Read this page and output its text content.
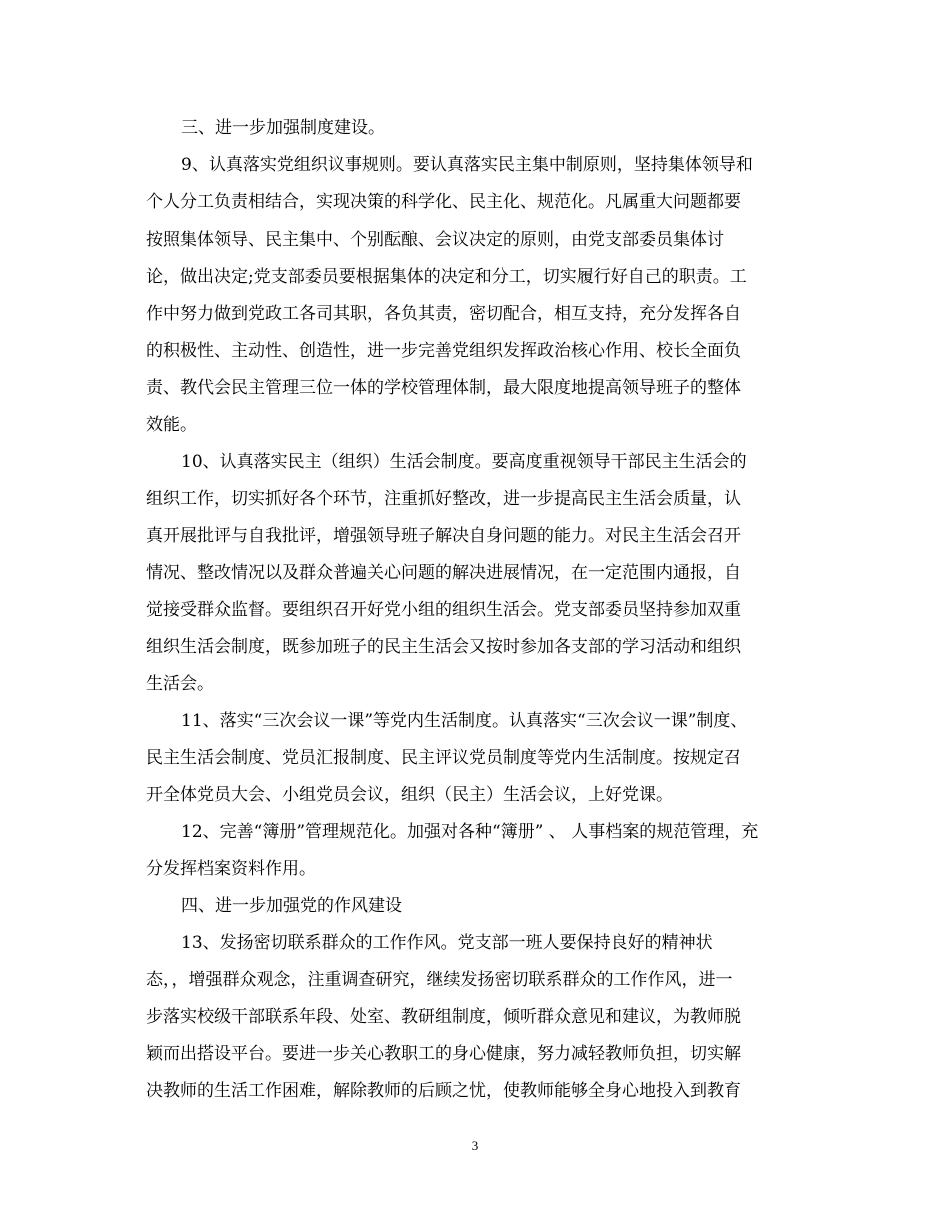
三、进一步加强制度建设。
9、认真落实党组织议事规则。要认真落实民主集中制原则，坚持集体领导和
个人分工负责相结合，实现决策的科学化、民主化、规范化。凡属重大问题都要
按照集体领导、民主集中、个别酝酿、会议决定的原则，由党支部委员集体讨
论，做出决定;党支部委员要根据集体的决定和分工，切实履行好自己的职责。工
作中努力做到党政工各司其职，各负其责，密切配合，相互支持，充分发挥各自
的积极性、主动性、创造性，进一步完善党组织发挥政治核心作用、校长全面负
责、教代会民主管理三位一体的学校管理体制，最大限度地提高领导班子的整体
效能。
10、认真落实民主（组织）生活会制度。要高度重视领导干部民主生活会的
组织工作，切实抓好各个环节，注重抓好整改，进一步提高民主生活会质量，认
真开展批评与自我批评，增强领导班子解决自身问题的能力。对民主生活会召开
情况、整改情况以及群众普遍关心问题的解决进展情况，在一定范围内通报，自
觉接受群众监督。要组织召开好党小组的组织生活会。党支部委员坚持参加双重
组织生活会制度，既参加班子的民主生活会又按时参加各支部的学习活动和组织
生活会。
11、落实“三次会议一课”等党内生活制度。认真落实“三次会议一课”制度、
民主生活会制度、党员汇报制度、民主评议党员制度等党内生活制度。按规定召
开全体党员大会、小组党员会议，组织（民主）生活会议，上好党课。
12、完善“簿册”管理规范化。加强对各种“簿册” 、 人事档案的规范管理，充
分发挥档案资料作用。
四、进一步加强党的作风建设
13、发扬密切联系群众的工作作风。党支部一班人要保持良好的精神状
态，，增强群众观念，注重调查研究，继续发扬密切联系群众的工作作风，进一
步落实校级干部联系年段、处室、教研组制度，倾听群众意见和建议，为教师脱
颖而出搭设平台。要进一步关心教职工的身心健康，努力减轻教师负担，切实解
决教师的生活工作困难，解除教师的后顾之忧，使教师能够全身心地投入到教育
3
